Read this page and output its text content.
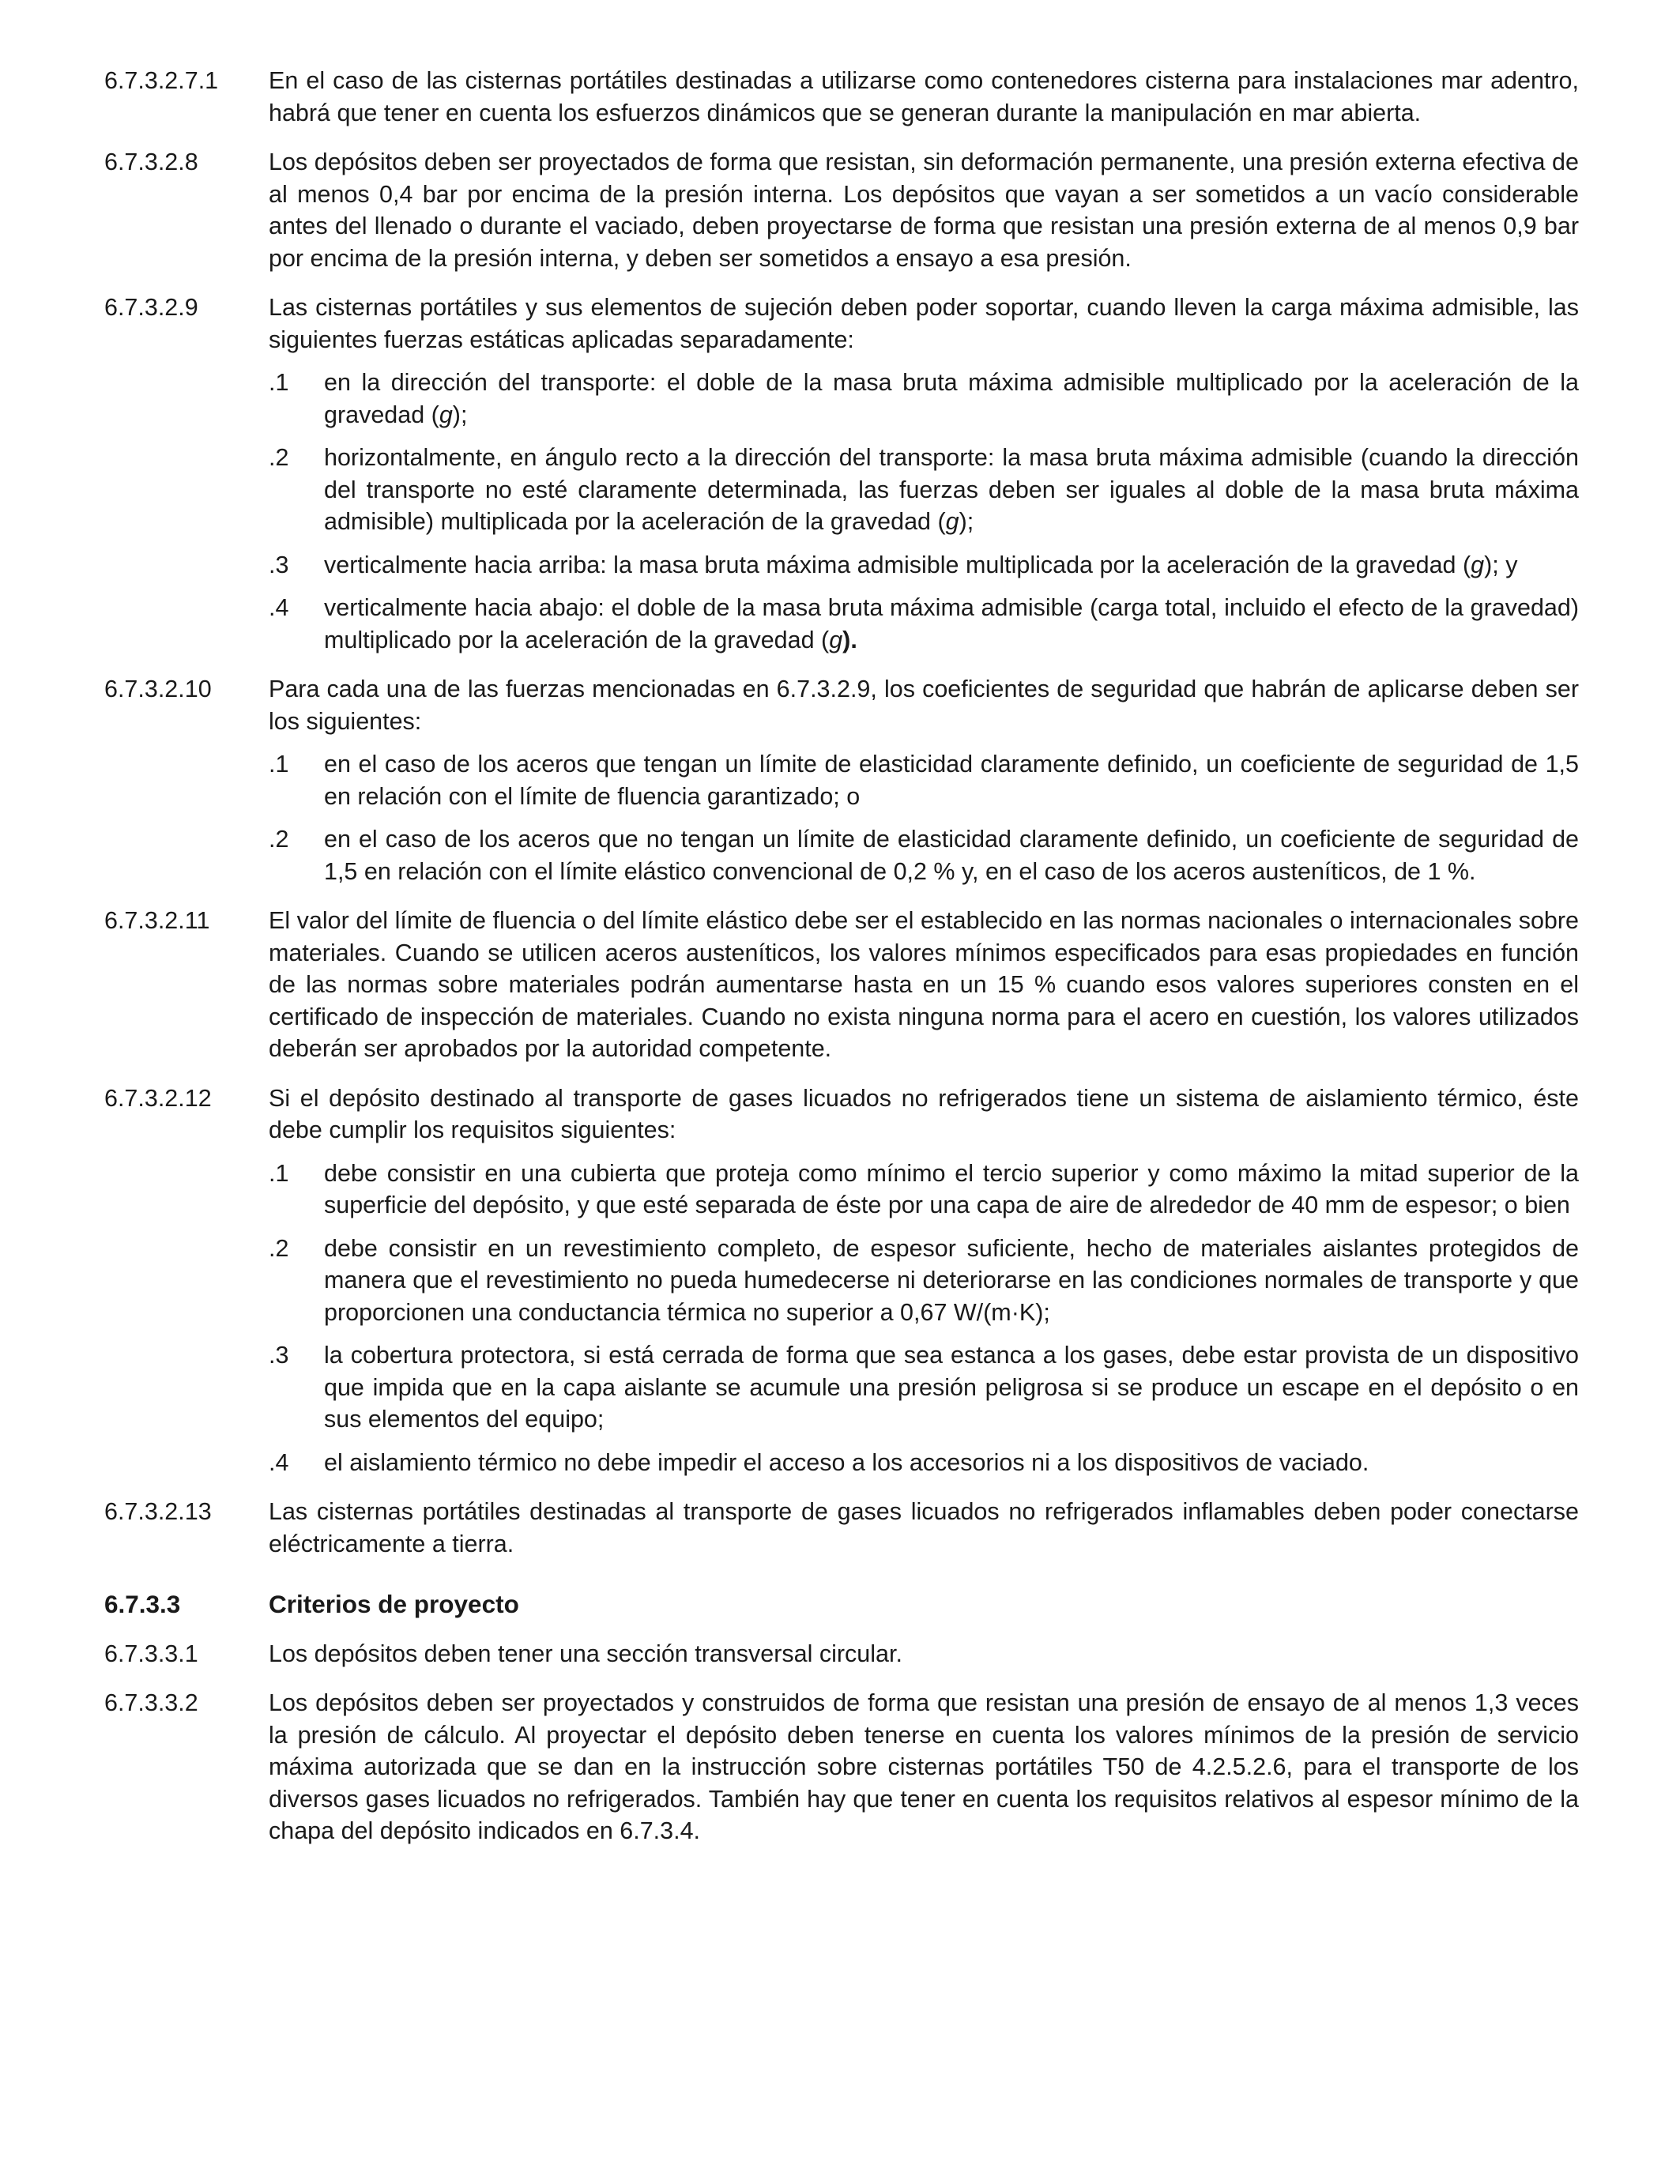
6.7.3.2.7.1	En el caso de las cisternas portátiles destinadas a utilizarse como contenedores cisterna para instalaciones mar adentro, habrá que tener en cuenta los esfuerzos dinámicos que se generan durante la manipulación en mar abierta.

6.7.3.2.8	Los depósitos deben ser proyectados de forma que resistan, sin deformación permanente, una presión externa efectiva de al menos 0,4 bar por encima de la presión interna. Los depósitos que vayan a ser sometidos a un vacío considerable antes del llenado o durante el vaciado, deben proyectarse de forma que resistan una presión externa de al menos 0,9 bar por encima de la presión interna, y deben ser sometidos a ensayo a esa presión.

6.7.3.2.9	Las cisternas portátiles y sus elementos de sujeción deben poder soportar, cuando lleven la carga máxima admisible, las siguientes fuerzas estáticas aplicadas separadamente:

.1	en la dirección del transporte: el doble de la masa bruta máxima admisible multiplicado por la aceleración de la gravedad (g);

.2	horizontalmente, en ángulo recto a la dirección del transporte: la masa bruta máxima admisible (cuando la dirección del transporte no esté claramente determinada, las fuerzas deben ser iguales al doble de la masa bruta máxima admisible) multiplicada por la aceleración de la gravedad (g);

.3	verticalmente hacia arriba: la masa bruta máxima admisible multiplicada por la aceleración de la gravedad (g); y

.4	verticalmente hacia abajo: el doble de la masa bruta máxima admisible (carga total, incluido el efecto de la gravedad) multiplicado por la aceleración de la gravedad (g).

6.7.3.2.10	Para cada una de las fuerzas mencionadas en 6.7.3.2.9, los coeficientes de seguridad que habrán de aplicarse deben ser los siguientes:

.1	en el caso de los aceros que tengan un límite de elasticidad claramente definido, un coeficiente de seguridad de 1,5 en relación con el límite de fluencia garantizado; o

.2	en el caso de los aceros que no tengan un límite de elasticidad claramente definido, un coeficiente de seguridad de 1,5 en relación con el límite elástico convencional de 0,2 % y, en el caso de los aceros austeníticos, de 1 %.

6.7.3.2.11	El valor del límite de fluencia o del límite elástico debe ser el establecido en las normas nacionales o internacionales sobre materiales. Cuando se utilicen aceros austeníticos, los valores mínimos especificados para esas propiedades en función de las normas sobre materiales podrán aumentarse hasta en un 15 % cuando esos valores superiores consten en el certificado de inspección de materiales. Cuando no exista ninguna norma para el acero en cuestión, los valores utilizados deberán ser aprobados por la autoridad competente.

6.7.3.2.12	Si el depósito destinado al transporte de gases licuados no refrigerados tiene un sistema de aislamiento térmico, éste debe cumplir los requisitos siguientes:

.1	debe consistir en una cubierta que proteja como mínimo el tercio superior y como máximo la mitad superior de la superficie del depósito, y que esté separada de éste por una capa de aire de alrededor de 40 mm de espesor; o bien

.2	debe consistir en un revestimiento completo, de espesor suficiente, hecho de materiales aislantes protegidos de manera que el revestimiento no pueda humedecerse ni deteriorarse en las condiciones normales de transporte y que proporcionen una conductancia térmica no superior a 0,67 W/(m·K);

.3	la cobertura protectora, si está cerrada de forma que sea estanca a los gases, debe estar provista de un dispositivo que impida que en la capa aislante se acumule una presión peligrosa si se produce un escape en el depósito o en sus elementos del equipo;

.4	el aislamiento térmico no debe impedir el acceso a los accesorios ni a los dispositivos de vaciado.

6.7.3.2.13	Las cisternas portátiles destinadas al transporte de gases licuados no refrigerados inflamables deben poder conectarse eléctricamente a tierra.

6.7.3.3	Criterios de proyecto
6.7.3.3.1	Los depósitos deben tener una sección transversal circular.

6.7.3.3.2	Los depósitos deben ser proyectados y construidos de forma que resistan una presión de ensayo de al menos 1,3 veces la presión de cálculo. Al proyectar el depósito deben tenerse en cuenta los valores mínimos de la presión de servicio máxima autorizada que se dan en la instrucción sobre cisternas portátiles T50 de 4.2.5.2.6, para el transporte de los diversos gases licuados no refrigerados. También hay que tener en cuenta los requisitos relativos al espesor mínimo de la chapa del depósito indicados en 6.7.3.4.
